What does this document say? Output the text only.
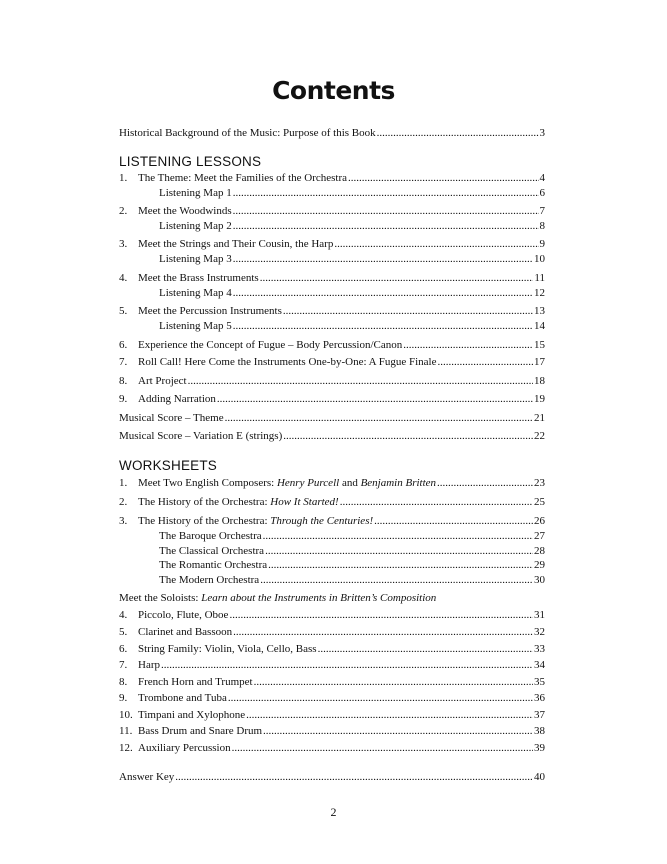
Contents
Historical Background of the Music: Purpose of this Book .....	3
LISTENING LESSONS
1. The Theme: Meet the Families of the Orchestra .....	4
Listening Map 1 .....	6
2. Meet the Woodwinds .....	7
Listening Map 2 .....	8
3. Meet the Strings and Their Cousin, the Harp .....	9
Listening Map 3 .....	10
4. Meet the Brass Instruments .....	11
Listening Map 4 .....	12
5. Meet the Percussion Instruments .....	13
Listening Map 5 .....	14
6. Experience the Concept of Fugue – Body Percussion/Canon .....	15
7. Roll Call! Here Come the Instruments One-by-One: A Fugue Finale .....	17
8. Art Project .....	18
9. Adding Narration .....	19
Musical Score – Theme .....	21
Musical Score – Variation E (strings) .....	22
WORKSHEETS
1. Meet Two English Composers: Henry Purcell and Benjamin Britten .....	23
2. The History of the Orchestra: How It Started! .....	25
3. The History of the Orchestra: Through the Centuries! .....	26
The Baroque Orchestra .....	27
The Classical Orchestra .....	28
The Romantic Orchestra .....	29
The Modern Orchestra .....	30
Meet the Soloists: Learn about the Instruments in Britten’s Composition
4. Piccolo, Flute, Oboe .....	31
5. Clarinet and Bassoon .....	32
6. String Family: Violin, Viola, Cello, Bass .....	33
7. Harp .....	34
8. French Horn and Trumpet .....	35
9. Trombone and Tuba .....	36
10. Timpani and Xylophone .....	37
11. Bass Drum and Snare Drum .....	38
12. Auxiliary Percussion .....	39
Answer Key .....	40
2
